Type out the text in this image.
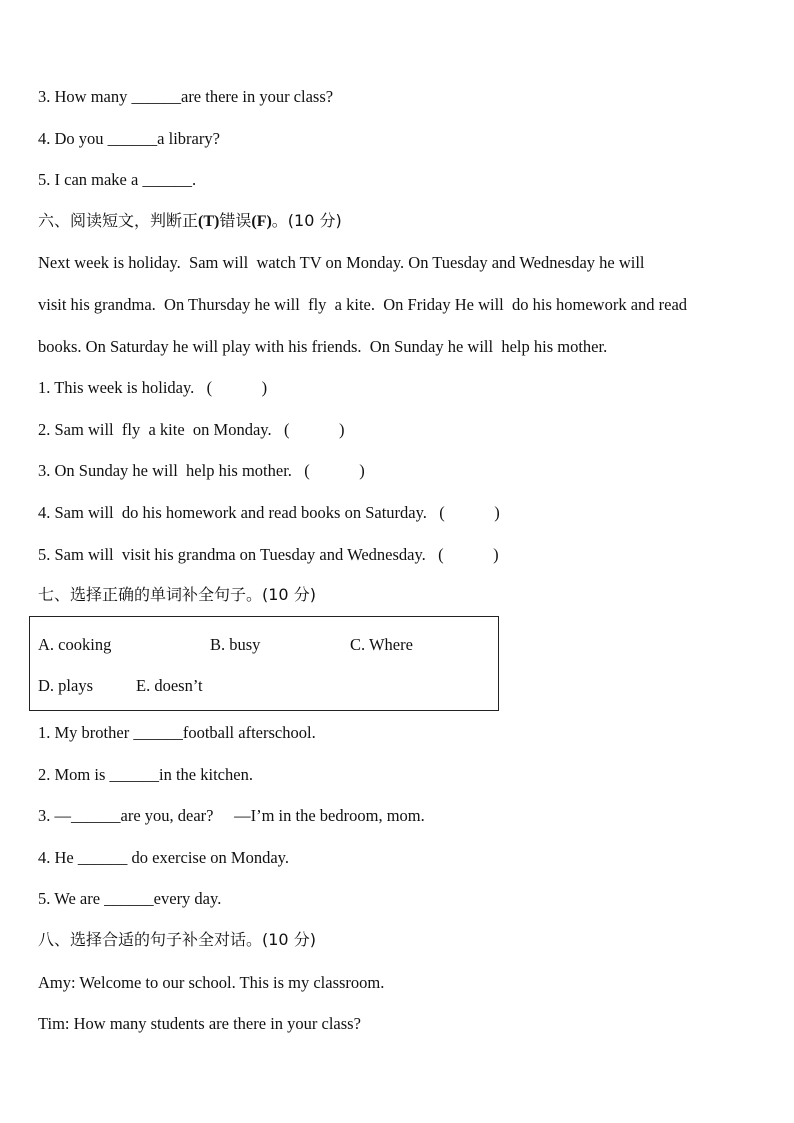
3. How many ______are there in your class?
4. Do you ______a library?
5. I can make a ______.
六、阅读短文，判断正(T)错误(F)。(10 分)
Next week is holiday.  Sam will  watch TV on Monday. On Tuesday and Wednesday he will
visit his grandma.  On Thursday he will  fly  a kite.  On Friday He will  do his homework and read
books. On Saturday he will play with his friends.  On Sunday he will  help his mother.
1. This week is holiday.   (            )
2. Sam will  fly  a kite  on Monday.   (            )
3. On Sunday he will  help his mother.   (            )
4. Sam will  do his homework and read books on Saturday.   (            )
5. Sam will  visit his grandma on Tuesday and Wednesday.   (            )
七、选择正确的单词补全句子。(10 分)
A. cooking	B. busy	C. Where
D. plays	E. doesn’t
1. My brother ______football afterschool.
2. Mom is ______in the kitchen.
3. —______are you, dear?     —I’m in the bedroom, mom.
4. He ______ do exercise on Monday.
5. We are ______every day.
八、选择合适的句子补全对话。(10 分)
Amy: Welcome to our school. This is my classroom.
Tim: How many students are there in your class?
